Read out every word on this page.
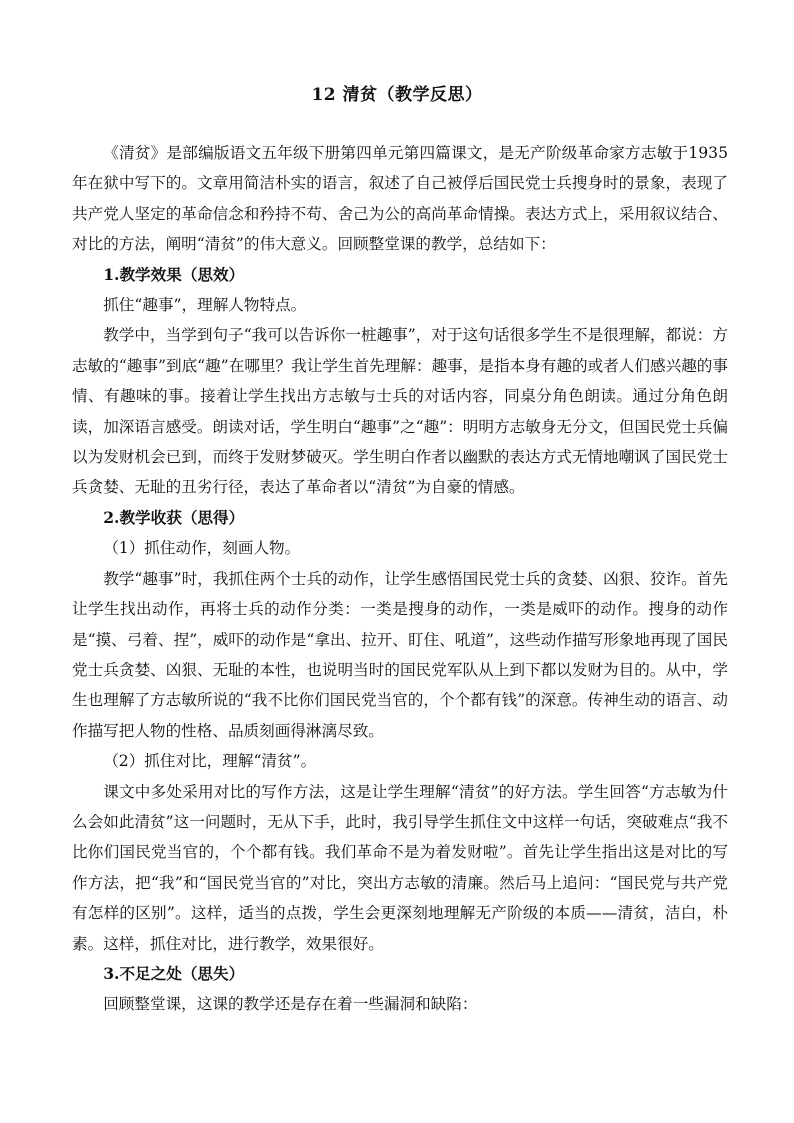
12 清贫（教学反思）

《清贫》是部编版语文五年级下册第四单元第四篇课文，是无产阶级革命家方志敏于1935年在狱中写下的。文章用简洁朴实的语言，叙述了自己被俘后国民党士兵搜身时的景象，表现了共产党人坚定的革命信念和矜持不苟、舍己为公的高尚革命情操。表达方式上，采用叙议结合、对比的方法，阐明“清贫”的伟大意义。回顾整堂课的教学，总结如下：

1.教学效果（思效）

抓住“趣事”，理解人物特点。

教学中，当学到句子“我可以告诉你一桩趣事”，对于这句话很多学生不是很理解，都说：方志敏的“趣事”到底“趣”在哪里？我让学生首先理解：趣事，是指本身有趣的或者人们感兴趣的事情、有趣味的事。接着让学生找出方志敏与士兵的对话内容，同桌分角色朗读。通过分角色朗读，加深语言感受。朗读对话，学生明白“趣事”之“趣”：明明方志敏身无分文，但国民党士兵偏以为发财机会已到，而终于发财梦破灭。学生明白作者以幽默的表达方式无情地嘲讽了国民党士兵贪婪、无耻的丑劣行径，表达了革命者以“清贫”为自豪的情感。

2.教学收获（思得）

（1）抓住动作，刻画人物。

教学“趣事”时，我抓住两个士兵的动作，让学生感悟国民党士兵的贪婪、凶狠、狡诈。首先让学生找出动作，再将士兵的动作分类：一类是搜身的动作，一类是威吓的动作。搜身的动作是“摸、弓着、捏”，威吓的动作是“拿出、拉开、盯住、吼道”，这些动作描写形象地再现了国民党士兵贪婪、凶狠、无耻的本性，也说明当时的国民党军队从上到下都以发财为目的。从中，学生也理解了方志敏所说的“我不比你们国民党当官的，个个都有钱”的深意。传神生动的语言、动作描写把人物的性格、品质刻画得淋漓尽致。

（2）抓住对比，理解“清贫”。

课文中多处采用对比的写作方法，这是让学生理解“清贫”的好方法。学生回答“方志敏为什么会如此清贫”这一问题时，无从下手，此时，我引导学生抓住文中这样一句话，突破难点“我不比你们国民党当官的，个个都有钱。我们革命不是为着发财啦”。首先让学生指出这是对比的写作方法，把“我”和“国民党当官的”对比，突出方志敏的清廉。然后马上追问：“国民党与共产党有怎样的区别”。这样，适当的点拨，学生会更深刻地理解无产阶级的本质——清贫，洁白，朴素。这样，抓住对比，进行教学，效果很好。

3.不足之处（思失）

回顾整堂课，这课的教学还是存在着一些漏洞和缺陷：
